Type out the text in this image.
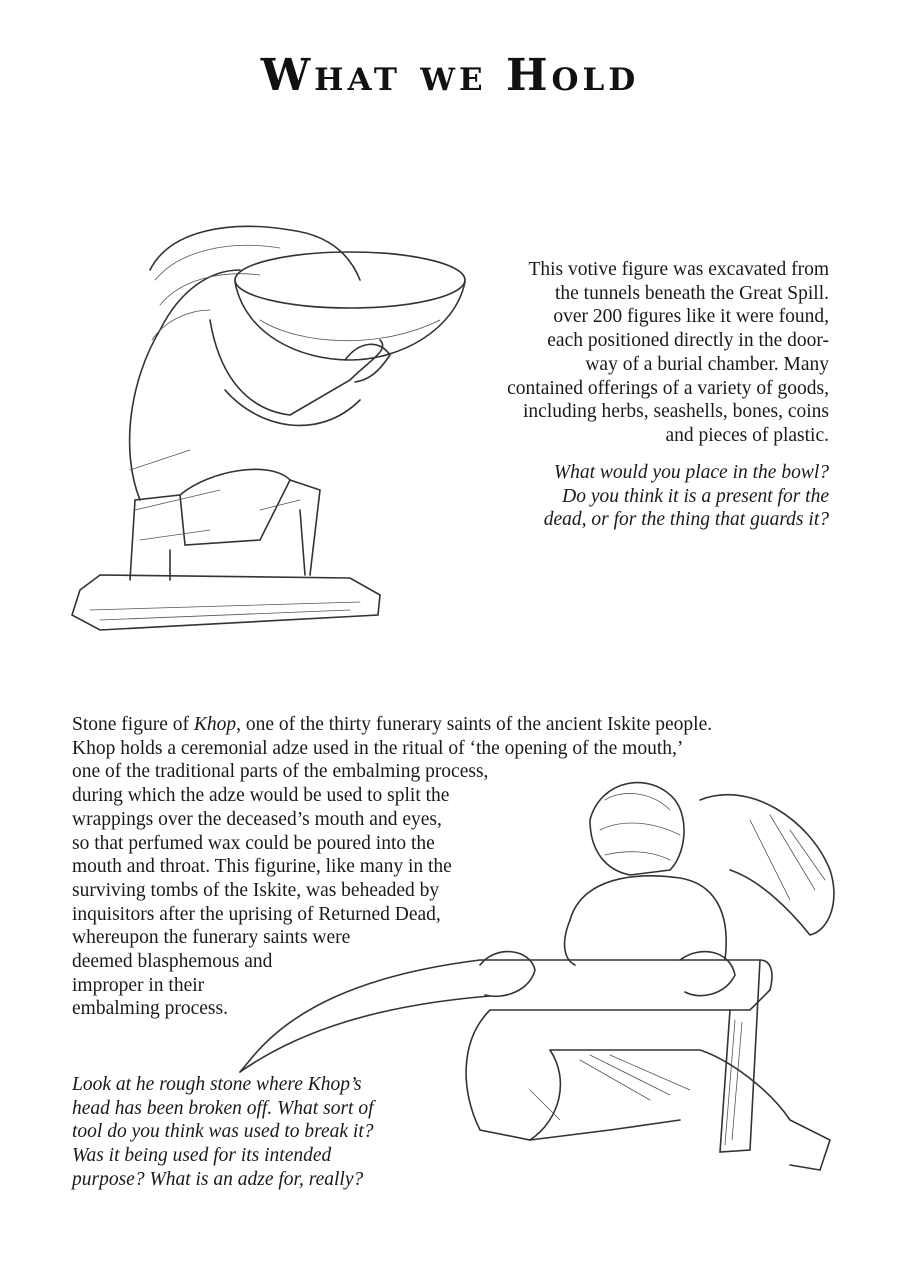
What we Hold
This votive figure was excavated from
the tunnels beneath the Great Spill.
over 200 figures like it were found,
each positioned directly in the door-
way of a burial chamber. Many
contained offerings of a variety of goods,
including herbs, seashells, bones, coins
and pieces of plastic.
What would you place in the bowl?
Do you think it is a present for the
dead, or for the thing that guards it?
Stone figure of Khop, one of the thirty funerary saints of the ancient Iskite people.
Khop holds a ceremonial adze used in the ritual of ‘the opening of the mouth,’
one of the traditional parts of the embalming process,
during which the adze would be used to split the
wrappings over the deceased’s mouth and eyes,
so that perfumed wax could be poured into the
mouth and throat. This figurine, like many in the
surviving tombs of the Iskite, was beheaded by
inquisitors after the uprising of Returned Dead,
whereupon the funerary saints were
deemed blasphemous and
improper in their
embalming process.
Look at he rough stone where Khop’s
head has been broken off. What sort of
tool do you think was used to break it?
Was it being used for its intended
purpose? What is an adze for, really?
